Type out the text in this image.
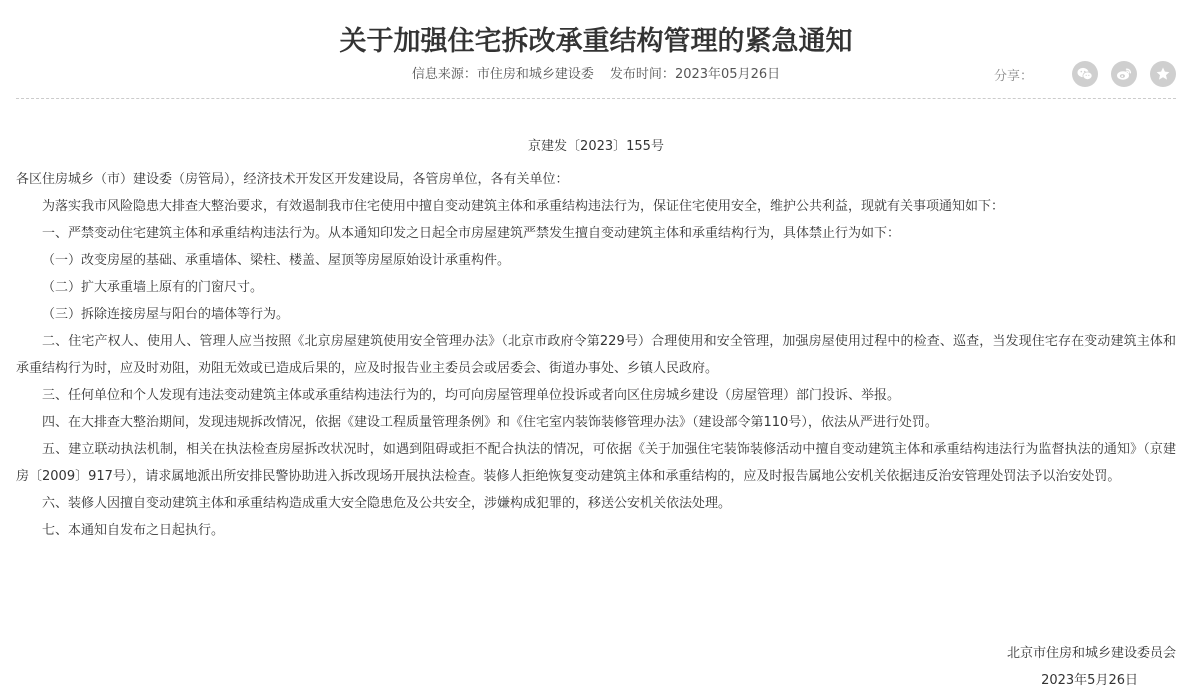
关于加强住宅拆改承重结构管理的紧急通知
信息来源：市住房和城乡建设委 发布时间：2023年05月26日	分享：
京建发〔2023〕155号

各区住房城乡（市）建设委（房管局），经济技术开发区开发建设局，各管房单位，各有关单位：

为落实我市风险隐患大排查大整治要求，有效遏制我市住宅使用中擅自变动建筑主体和承重结构违法行为，保证住宅使用安全，维护公共利益，现就有关事项通知如下：

一、严禁变动住宅建筑主体和承重结构违法行为。从本通知印发之日起全市房屋建筑严禁发生擅自变动建筑主体和承重结构行为，具体禁止行为如下：

（一）改变房屋的基础、承重墙体、梁柱、楼盖、屋顶等房屋原始设计承重构件。

（二）扩大承重墙上原有的门窗尺寸。

（三）拆除连接房屋与阳台的墙体等行为。

二、住宅产权人、使用人、管理人应当按照《北京房屋建筑使用安全管理办法》（北京市政府令第229号）合理使用和安全管理，加强房屋使用过程中的检查、巡查，当发现住宅存在变动建筑主体和承重结构行为时，应及时劝阻，劝阻无效或已造成后果的，应及时报告业主委员会或居委会、街道办事处、乡镇人民政府。

三、任何单位和个人发现有违法变动建筑主体或承重结构违法行为的，均可向房屋管理单位投诉或者向区住房城乡建设（房屋管理）部门投诉、举报。

四、在大排查大整治期间，发现违规拆改情况，依据《建设工程质量管理条例》和《住宅室内装饰装修管理办法》（建设部令第110号），依法从严进行处罚。

五、建立联动执法机制，相关在执法检查房屋拆改状况时，如遇到阻碍或拒不配合执法的情况，可依据《关于加强住宅装饰装修活动中擅自变动建筑主体和承重结构违法行为监督执法的通知》（京建房〔2009〕917号），请求属地派出所安排民警协助进入拆改现场开展执法检查。装修人拒绝恢复变动建筑主体和承重结构的，应及时报告属地公安机关依据违反治安管理处罚法予以治安处罚。

六、装修人因擅自变动建筑主体和承重结构造成重大安全隐患危及公共安全，涉嫌构成犯罪的，移送公安机关依法处理。

七、本通知自发布之日起执行。

北京市住房和城乡建设委员会
2023年5月26日
